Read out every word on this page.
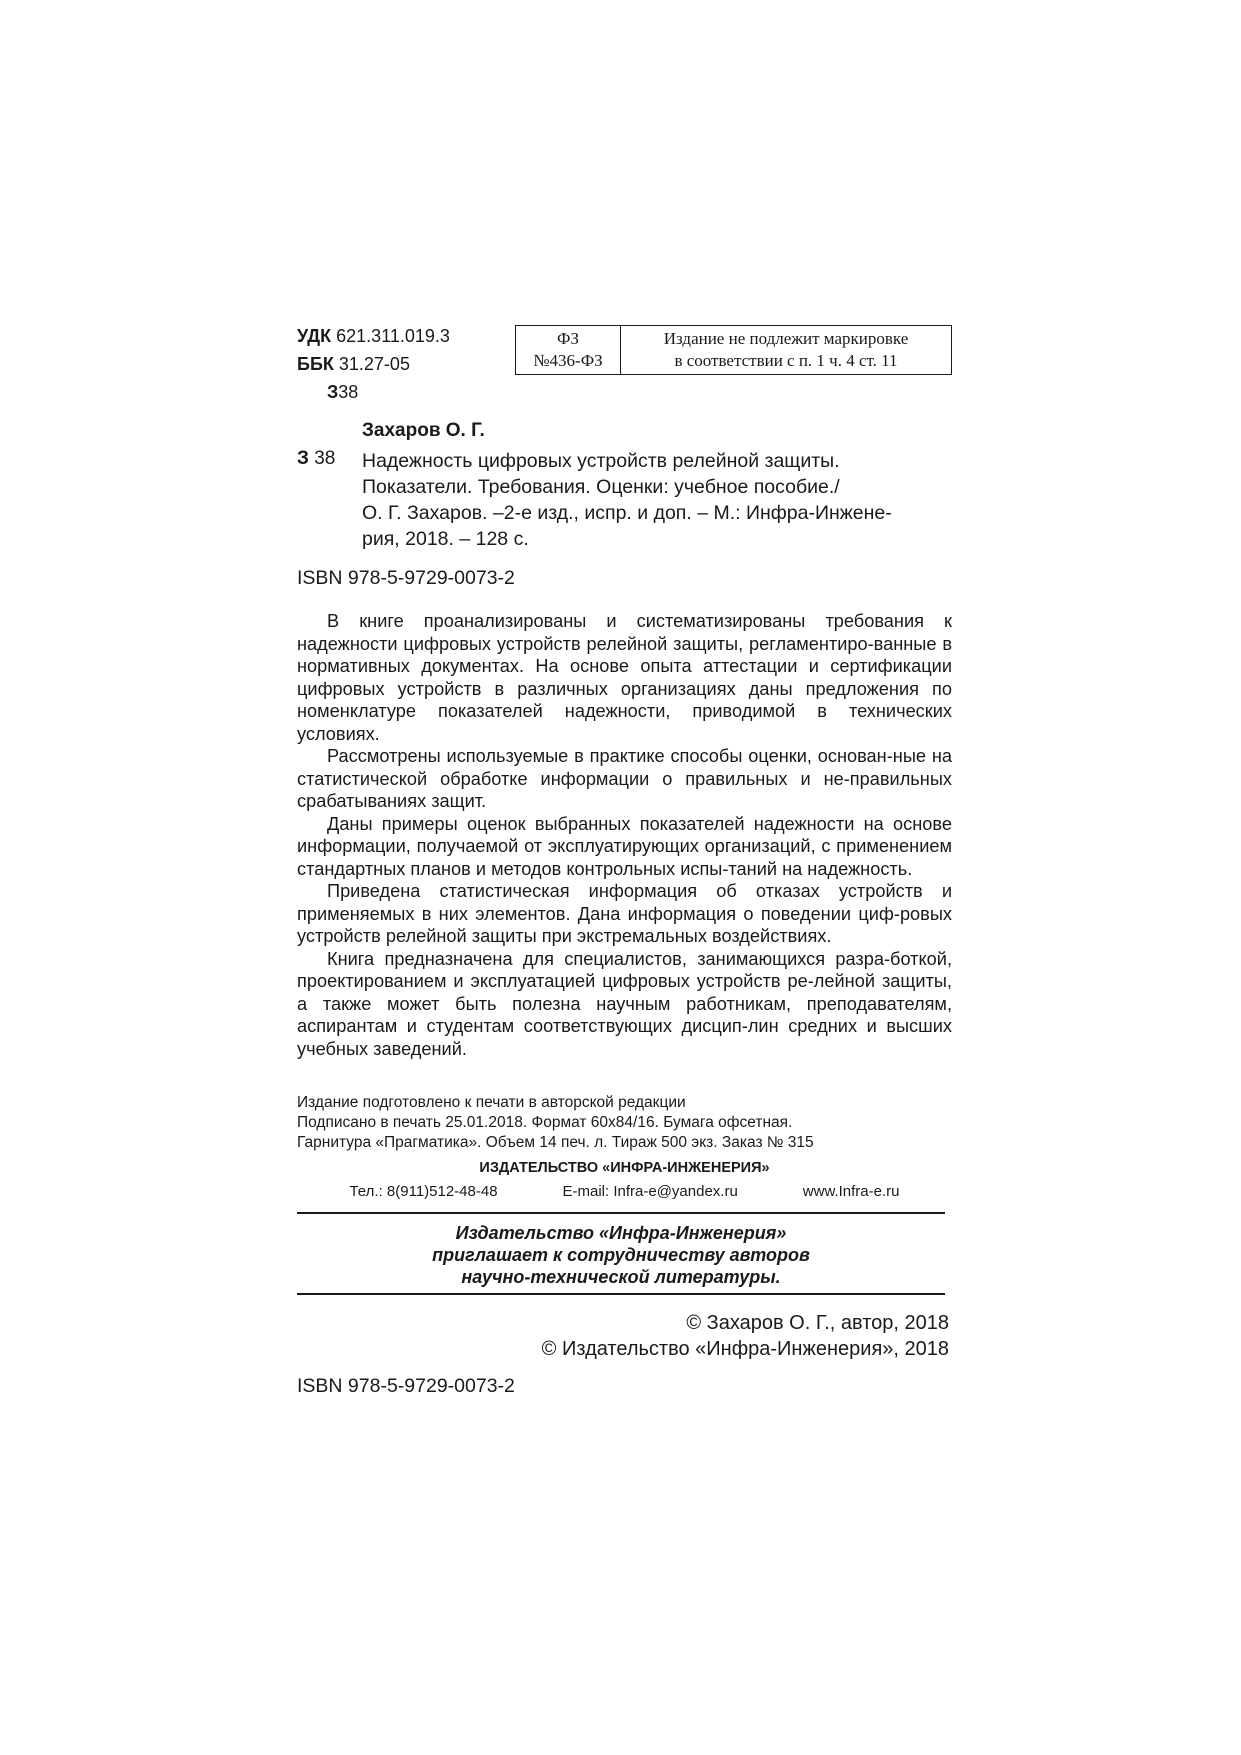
УДК 621.311.019.3
ББК 31.27-05
З38
ФЗ
№436-ФЗ
Издание не подлежит маркировке
в соответствии с п. 1 ч. 4 ст. 11
Захаров О. Г.
З 38 Надежность цифровых устройств релейной защиты.
Показатели. Требования. Оценки: учебное пособие./
О. Г. Захаров. –2-е изд., испр. и доп. – М.: Инфра-Инжене-
рия, 2018. – 128 с.
ISBN 978-5-9729-0073-2

В книге проанализированы и систематизированы требования к надежности цифровых устройств релейной защиты, регламентиро-ванные в нормативных документах. На основе опыта аттестации и сертификации цифровых устройств в различных организациях даны предложения по номенклатуре показателей надежности, приводимой в технических условиях.

Рассмотрены используемые в практике способы оценки, основан-ные на статистической обработке информации о правильных и не-правильных срабатываниях защит.

Даны примеры оценок выбранных показателей надежности на основе информации, получаемой от эксплуатирующих организаций, с применением стандартных планов и методов контрольных испы-таний на надежность.

Приведена статистическая информация об отказах устройств и применяемых в них элементов. Дана информация о поведении циф-ровых устройств релейной защиты при экстремальных воздействиях.

Книга предназначена для специалистов, занимающихся разра-боткой, проектированием и эксплуатацией цифровых устройств ре-лейной защиты, а также может быть полезна научным работникам, преподавателям, аспирантам и студентам соответствующих дисцип-лин средних и высших учебных заведений.

Издание подготовлено к печати в авторской редакции
Подписано в печать 25.01.2018. Формат 60х84/16. Бумага офсетная.
Гарнитура «Прагматика». Объем 14 печ. л. Тираж 500 экз. Заказ № 315
ИЗДАТЕЛЬСТВО «ИНФРА-ИНЖЕНЕРИЯ»
Тел.: 8(911)512-48-48	E-mail: Infra-e@yandex.ru	www.Infra-e.ru
Издательство «Инфра-Инженерия»
приглашает к сотрудничеству авторов
научно-технической литературы.
© Захаров О. Г., автор, 2018
© Издательство «Инфра-Инженерия», 2018
ISBN 978-5-9729-0073-2
